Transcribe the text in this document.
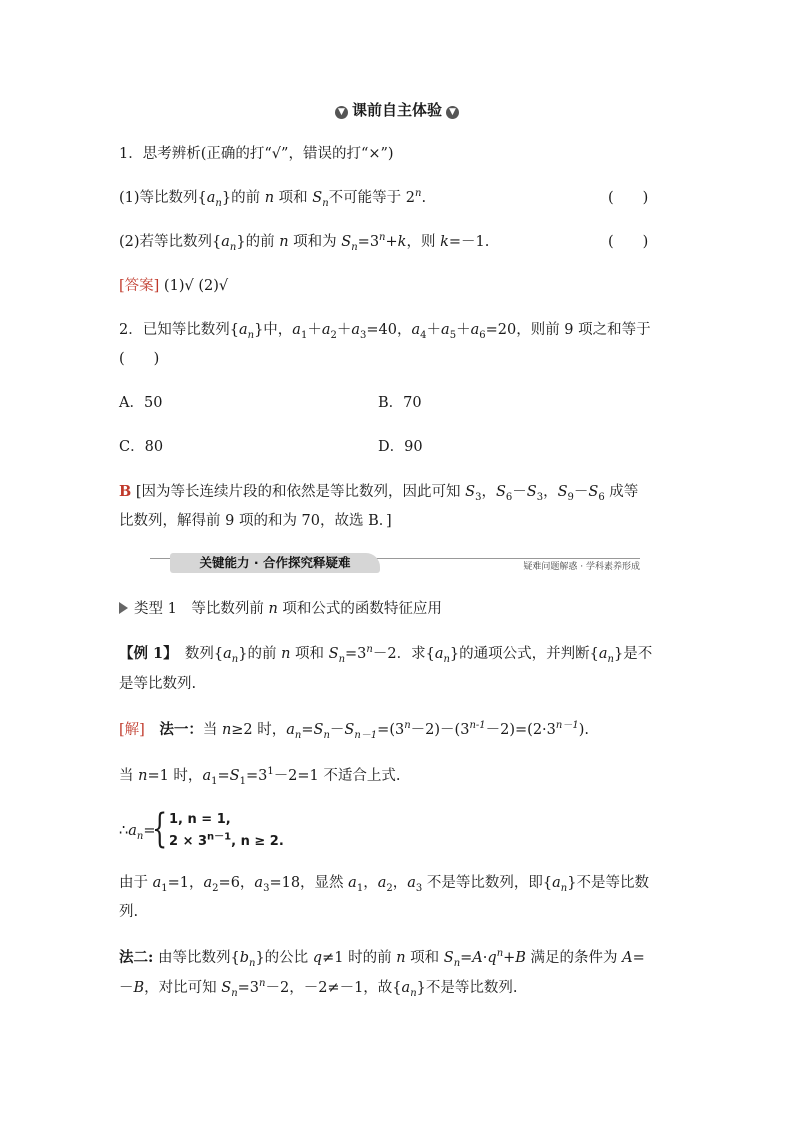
▼ 课前自主体验 ▼
1．思考辨析(正确的打“√”，错误的打“×”)
(1)等比数列$\{a_n\}$的前 n 项和 $S_n$不可能等于 2$^n$.	(　　)
(2)若等比数列$\{a_n\}$的前 n 项和为 $S_n=3^n+k$，则 k=－1.	(　　)
[答案] (1)√ (2)√
2．已知等比数列$\{a_n\}$中，$a_1+a_2+a_3=40$，$a_4+a_5+a_6=20$，则前 9 项之和等于
(　　)
A．50	B．70
C．80	D．90
B [因为等长连续片段的和依然是等比数列，因此可知 $S_3$，$S_6-S_3$，$S_9-S_6$ 成等
比数列，解得前 9 项的和为 70，故选 B．]
关键能力 · 合作探究释疑难	疑难问题解惑 · 学科素养形成
类型 1　 等比数列前 n 项和公式的函数特征应用
【例 1】　 数列$\{a_n\}$的前 n 项和 $S_n=3^n-2$．求$\{a_n\}$的通项公式，并判断$\{a_n\}$是不
是等比数列.
[解]　 法一：当 n≥2 时，$a_n=S_n-S_{n-1}=(3^n-2)-(3^{n-1}-2)=(2\cdot 3^{n-1})$.
当 n=1 时，$a_1=S_1=3^1-2=1$ 不适合上式.
$\therefore a_n=$
{ 1, n = 1,
$2 \times 3^{n-1}$, n ≥ 2.
由于 $a_1=1$，$a_2=6$，$a_3=18$，显然 $a_1$，$a_2$，$a_3$ 不是等比数列，即$\{a_n\}$不是等比数
列.
法二: 由等比数列$\{b_n\}$的公比 q≠1 时的前 n 项和 $S_n=A\cdot q^n+B$ 满足的条件为 A=
－B，对比可知 $S_n=3^n-2$，－2≠－1，故$\{a_n\}$不是等比数列.
